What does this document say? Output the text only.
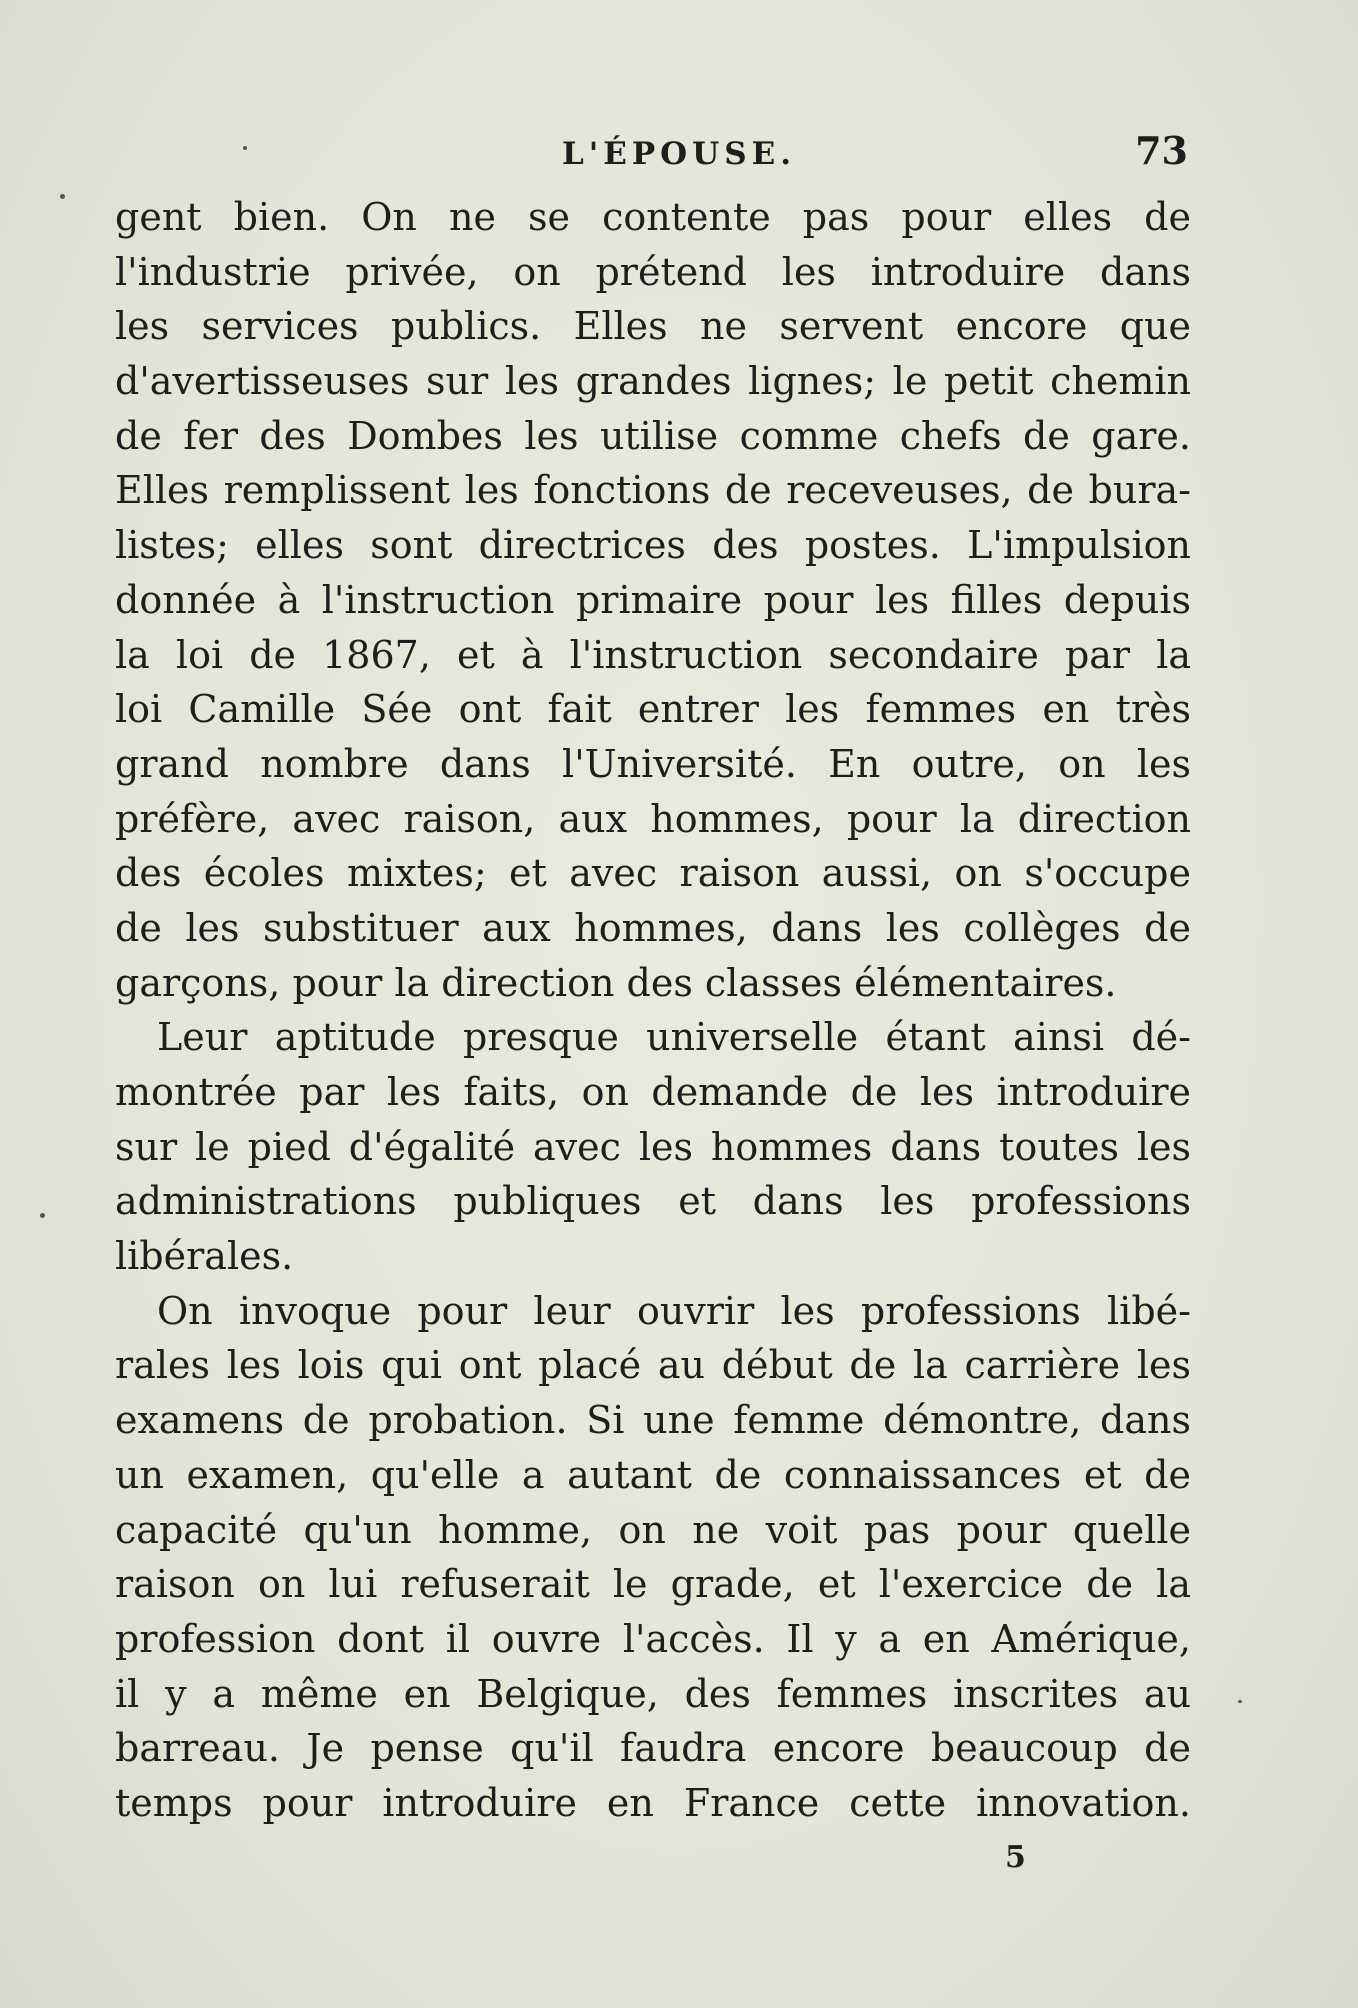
L'ÉPOUSE.	73
gent bien. On ne se contente pas pour elles de
l'industrie privée, on prétend les introduire dans
les services publics. Elles ne servent encore que
d'avertisseuses sur les grandes lignes; le petit chemin
de fer des Dombes les utilise comme chefs de gare.
Elles remplissent les fonctions de receveuses, de bura-
listes; elles sont directrices des postes. L'impulsion
donnée à l'instruction primaire pour les filles depuis
la loi de 1867, et à l'instruction secondaire par la
loi Camille Sée ont fait entrer les femmes en très
grand nombre dans l'Université. En outre, on les
préfère, avec raison, aux hommes, pour la direction
des écoles mixtes; et avec raison aussi, on s'occupe
de les substituer aux hommes, dans les collèges de
garçons, pour la direction des classes élémentaires.
Leur aptitude presque universelle étant ainsi dé-
montrée par les faits, on demande de les introduire
sur le pied d'égalité avec les hommes dans toutes les
administrations publiques et dans les professions
libérales.
On invoque pour leur ouvrir les professions libé-
rales les lois qui ont placé au début de la carrière les
examens de probation. Si une femme démontre, dans
un examen, qu'elle a autant de connaissances et de
capacité qu'un homme, on ne voit pas pour quelle
raison on lui refuserait le grade, et l'exercice de la
profession dont il ouvre l'accès. Il y a en Amérique,
il y a même en Belgique, des femmes inscrites au
barreau. Je pense qu'il faudra encore beaucoup de
temps pour introduire en France cette innovation.
5
